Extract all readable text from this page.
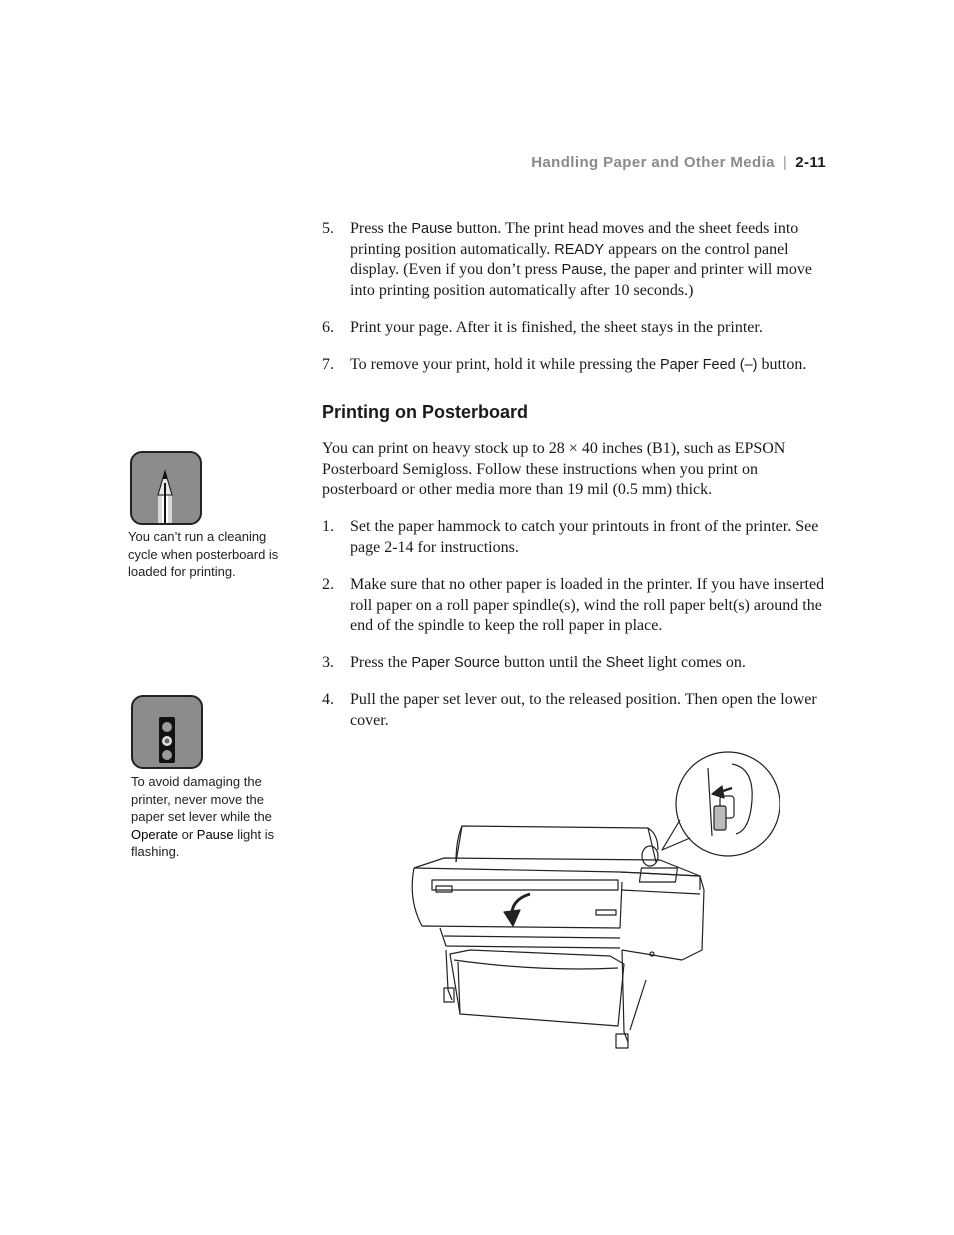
Handling Paper and Other Media | 2-11
5. Press the Pause button. The print head moves and the sheet feeds into printing position automatically. READY appears on the control panel display. (Even if you don’t press Pause, the paper and printer will move into printing position automatically after 10 seconds.)
6. Print your page. After it is finished, the sheet stays in the printer.
7. To remove your print, hold it while pressing the Paper Feed (–) button.
Printing on Posterboard
You can print on heavy stock up to 28 × 40 inches (B1), such as EPSON Posterboard Semigloss. Follow these instructions when you print on posterboard or other media more than 19 mil (0.5 mm) thick.
1. Set the paper hammock to catch your printouts in front of the printer. See page 2-14 for instructions.
2. Make sure that no other paper is loaded in the printer. If you have inserted roll paper on a roll paper spindle(s), wind the roll paper belt(s) around the end of the spindle to keep the roll paper in place.
3. Press the Paper Source button until the Sheet light comes on.
4. Pull the paper set lever out, to the released position. Then open the lower cover.
You can’t run a cleaning cycle when posterboard is loaded for printing.
To avoid damaging the printer, never move the paper set lever while the Operate or Pause light is flashing.
